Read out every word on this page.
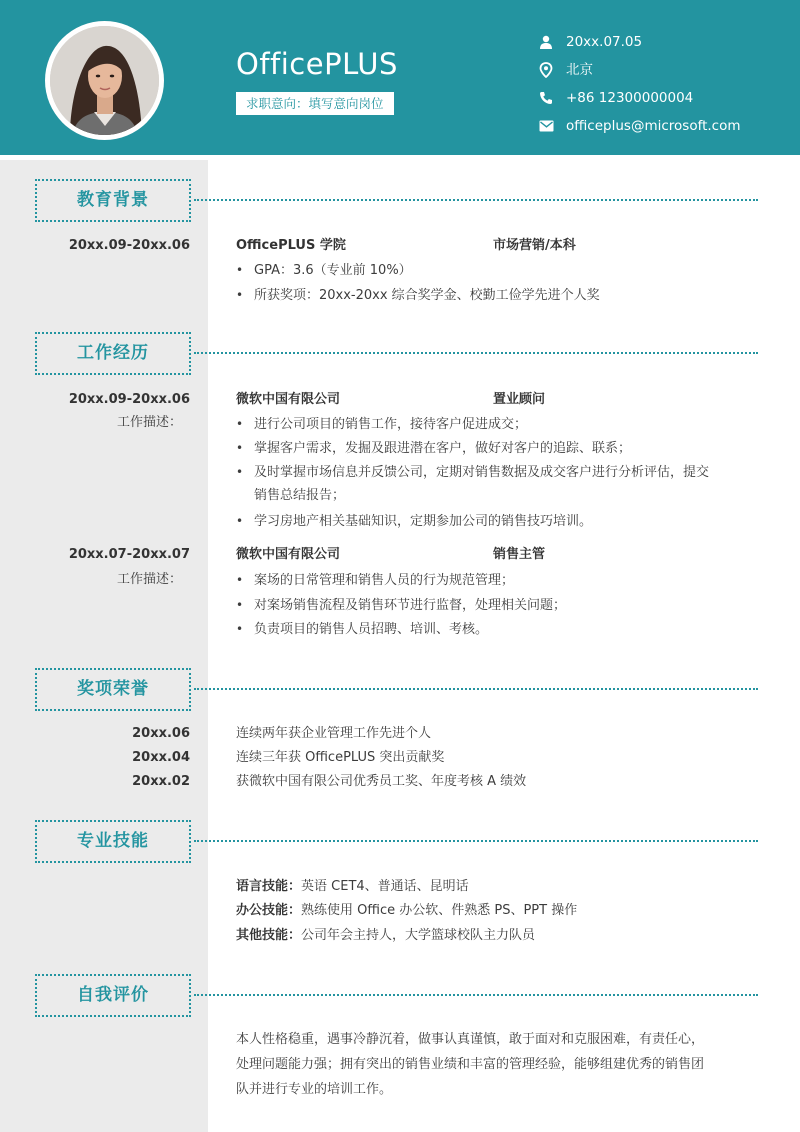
OfficePLUS
求职意向：填写意向岗位
20xx.07.05
北京
+86 12300000004
officeplus@microsoft.com
教育背景
20xx.09-20xx.06	OfficePLUS 学院	市场营销/本科
• GPA：3.6（专业前 10%）
• 所获奖项：20xx-20xx 综合奖学金、校勤工俭学先进个人奖
工作经历
20xx.09-20xx.06	微软中国有限公司	置业顾问
工作描述：	• 进行公司项目的销售工作，接待客户促进成交；
• 掌握客户需求，发掘及跟进潜在客户，做好对客户的追踪、联系；
• 及时掌握市场信息并反馈公司，定期对销售数据及成交客户进行分析评估，提交
销售总结报告；
• 学习房地产相关基础知识，定期参加公司的销售技巧培训。
20xx.07-20xx.07	微软中国有限公司	销售主管
工作描述：	• 案场的日常管理和销售人员的行为规范管理；
• 对案场销售流程及销售环节进行监督，处理相关问题；
• 负责项目的销售人员招聘、培训、考核。
奖项荣誉
20xx.06	连续两年获企业管理工作先进个人
20xx.04	连续三年获 OfficePLUS 突出贡献奖
20xx.02	获微软中国有限公司优秀员工奖、年度考核 A 绩效
专业技能
语言技能：英语 CET4、普通话、昆明话
办公技能：熟练使用 Office 办公软、件熟悉 PS、PPT 操作
其他技能：公司年会主持人，大学篮球校队主力队员
自我评价
本人性格稳重，遇事冷静沉着，做事认真谨慎，敢于面对和克服困难，有责任心，
处理问题能力强；拥有突出的销售业绩和丰富的管理经验，能够组建优秀的销售团
队并进行专业的培训工作。
